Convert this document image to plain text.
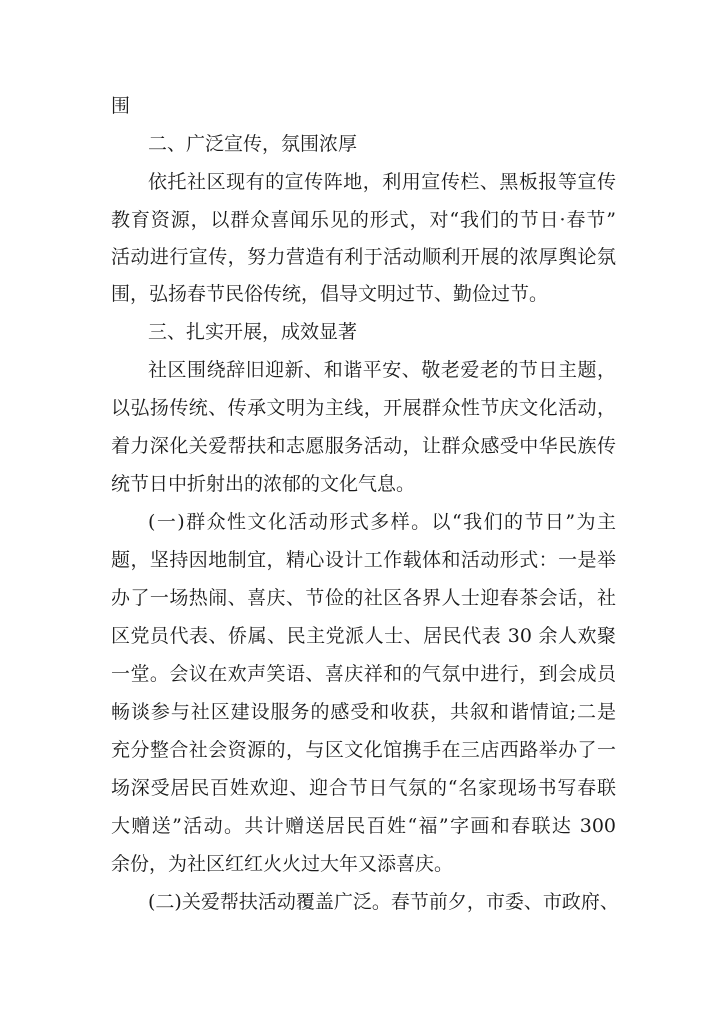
围
二、广泛宣传，氛围浓厚
依托社区现有的宣传阵地，利用宣传栏、黑板报等宣传
教育资源，以群众喜闻乐见的形式，对“我们的节日·春节”
活动进行宣传，努力营造有利于活动顺利开展的浓厚舆论氛
围，弘扬春节民俗传统，倡导文明过节、勤俭过节。
三、扎实开展，成效显著
社区围绕辞旧迎新、和谐平安、敬老爱老的节日主题，
以弘扬传统、传承文明为主线，开展群众性节庆文化活动，
着力深化关爱帮扶和志愿服务活动，让群众感受中华民族传
统节日中折射出的浓郁的文化气息。
(一)群众性文化活动形式多样。以“我们的节日”为主
题，坚持因地制宜，精心设计工作载体和活动形式：一是举
办了一场热闹、喜庆、节俭的社区各界人士迎春茶会话，社
区党员代表、侨属、民主党派人士、居民代表 30 余人欢聚
一堂。会议在欢声笑语、喜庆祥和的气氛中进行，到会成员
畅谈参与社区建设服务的感受和收获，共叙和谐情谊;二是
充分整合社会资源的，与区文化馆携手在三店西路举办了一
场深受居民百姓欢迎、迎合节日气氛的“名家现场书写春联
大赠送”活动。共计赠送居民百姓“福”字画和春联达 300
余份，为社区红红火火过大年又添喜庆。
(二)关爱帮扶活动覆盖广泛。春节前夕，市委、市政府、
